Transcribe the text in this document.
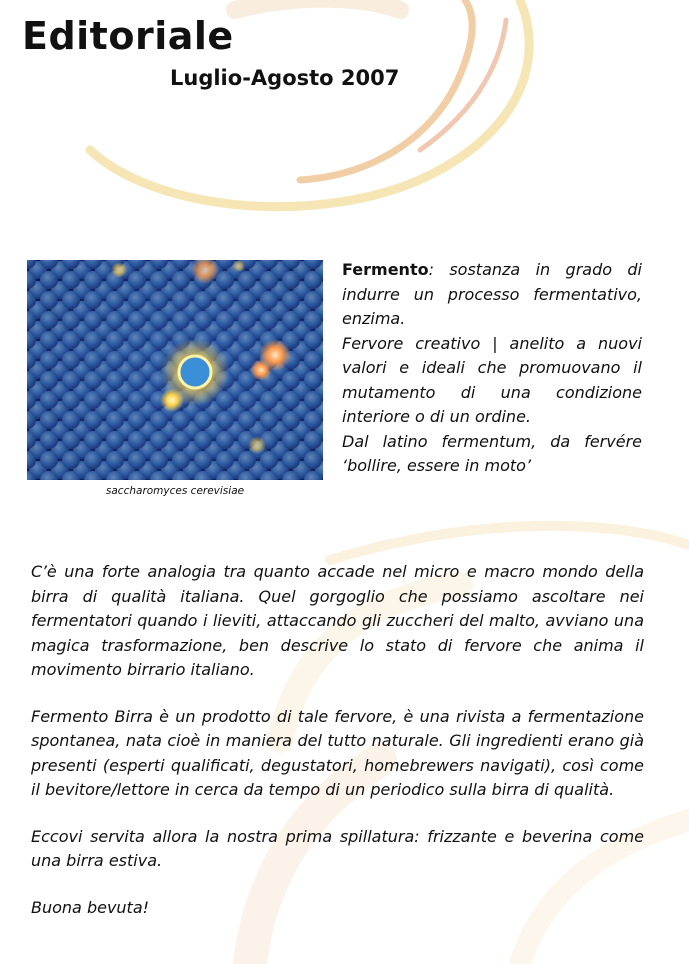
Editoriale
Luglio-Agosto 2007
saccharomyces cerevisiae

Fermento: sostanza in grado di indurre un processo fermentativo, enzima.

Fervore creativo | anelito a nuovi valori e ideali che promuovano il mutamento di una condizione interiore o di un ordine.

Dal latino fermentum, da fervére ‘bollire, essere in moto’

C’è una forte analogia tra quanto accade nel micro e macro mondo della birra di qualità italiana. Quel gorgoglio che possiamo ascoltare nei fermentatori quando i lieviti, attaccando gli zuccheri del malto, avviano una magica trasformazione, ben descrive lo stato di fervore che anima il movimento birrario italiano.

Fermento Birra è un prodotto di tale fervore, è una rivista a fermentazione spontanea, nata cioè in maniera del tutto naturale. Gli ingredienti erano già presenti (esperti qualificati, degustatori, homebrewers navigati), così come il bevitore/lettore in cerca da tempo di un periodico sulla birra di qualità.

Eccovi servita allora la nostra prima spillatura: frizzante e beverina come una birra estiva.

Buona bevuta!
